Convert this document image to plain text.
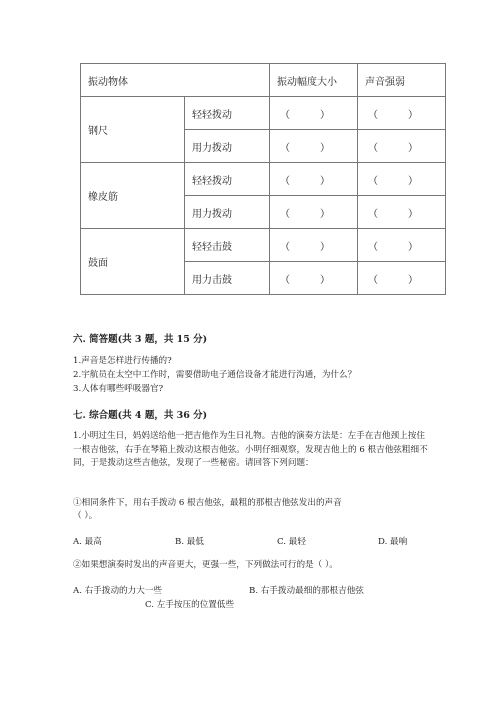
振动物体		振动幅度大小	声音强弱
钢尺	轻轻拨动	（ ）	（ ）
	用力拨动	（ ）	（ ）
橡皮筋	轻轻拨动	（ ）	（ ）
	用力拨动	（ ）	（ ）
鼓面	轻轻击鼓	（ ）	（ ）
	用力击鼓	（ ）	（ ）
六. 简答题(共 3 题，共 15 分)
1.声音是怎样进行传播的?
2.宇航员在太空中工作时，需要借助电子通信设备才能进行沟通，为什么？
3.人体有哪些呼吸器官?
七. 综合题(共 4 题，共 36 分)
1.小明过生日，妈妈送给他一把吉他作为生日礼物。吉他的演奏方法是：左手在吉他颈上按住一根吉他弦，右手在琴箱上拨动这根吉他弦。小明仔细观察，发现吉他上的 6 根吉他弦粗细不同，于是拨动这些吉他弦，发现了一些秘密。请回答下列问题：
①相同条件下，用右手拨动 6 根吉他弦，最粗的那根吉他弦发出的声音
（ ）。
A. 最高	B. 最低	C. 最轻	D. 最响
②如果想演奏时发出的声音更大，更强一些，下列做法可行的是（ ）。
A. 右手拨动的力大一些	B. 右手拨动最细的那根吉他弦
C. 左手按压的位置低些
